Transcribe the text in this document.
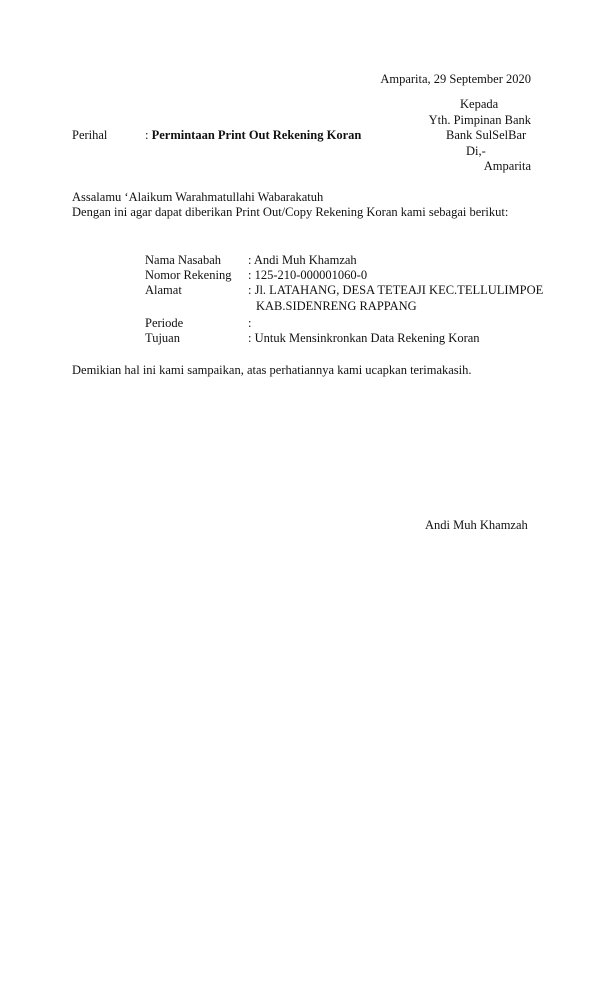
Amparita, 29 September 2020
Kepada
Yth. Pimpinan Bank
Bank SulSelBar
Di,-
Amparita
Perihal	: Permintaan Print Out Rekening Koran
Assalamu ‘Alaikum Warahmatullahi Wabarakatuh
Dengan ini agar dapat diberikan Print Out/Copy Rekening Koran kami sebagai berikut:
Nama Nasabah : Andi Muh Khamzah
Nomor Rekening : 125-210-000001060-0
Alamat	: Jl. LATAHANG, DESA TETEAJI KEC.TELLULIMPOE
KAB.SIDENRENG RAPPANG
Periode	:
Tujuan	: Untuk Mensinkronkan Data Rekening Koran
Demikian hal ini kami sampaikan, atas perhatiannya kami ucapkan terimakasih.
Andi Muh Khamzah
